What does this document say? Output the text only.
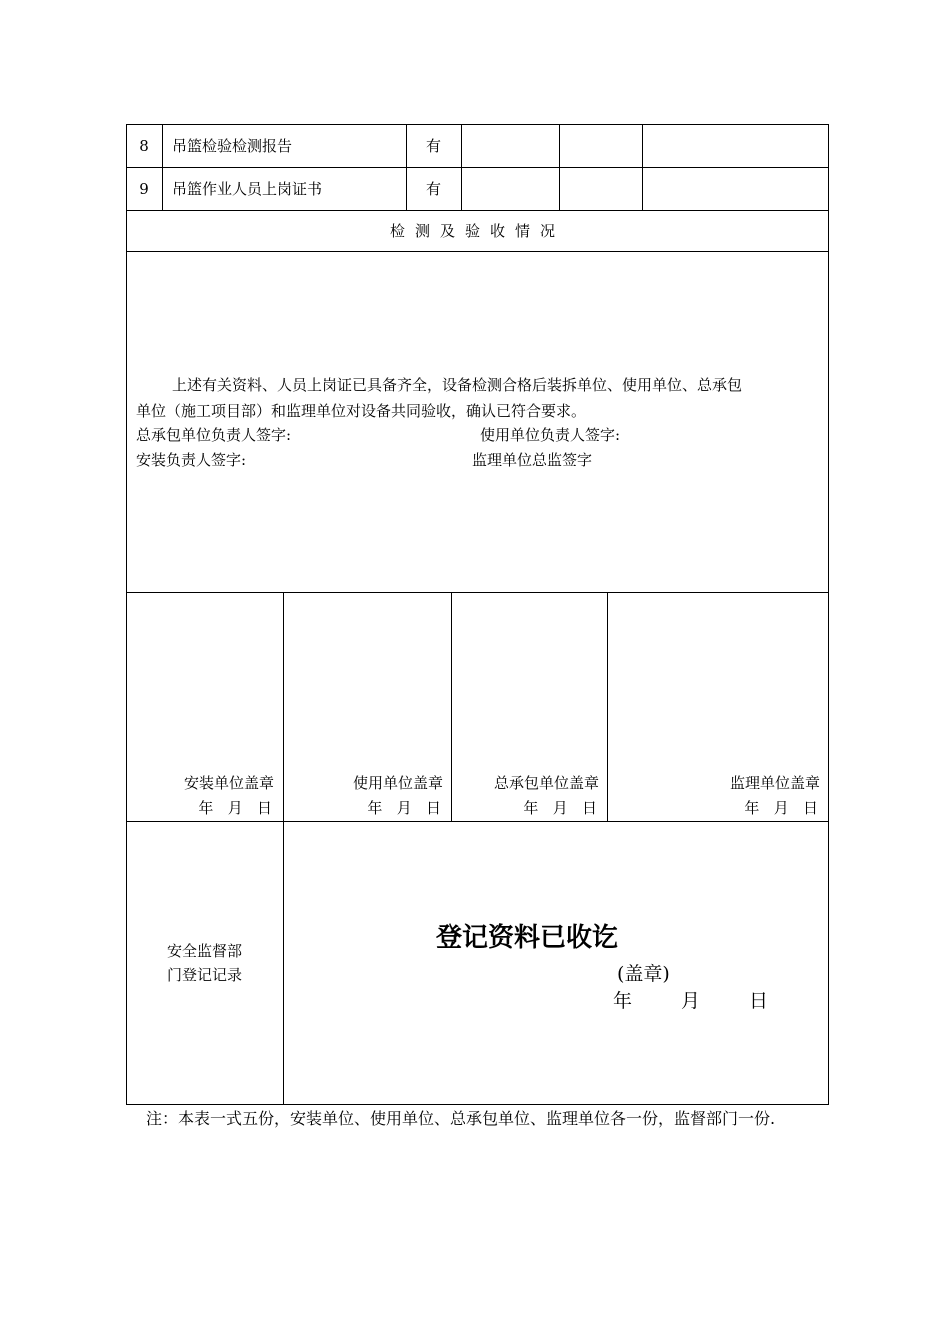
8	吊篮检验检测报告	有
9	吊篮作业人员上岗证书	有
检测及验收情况
上述有关资料、人员上岗证已具备齐全，设备检测合格后装拆单位、使用单位、总承包
单位（施工项目部）和监理单位对设备共同验收，确认已符合要求。
总承包单位负责人签字:	使用单位负责人签字:
安装负责人签字:	监理单位总监签字
安装单位盖章
年   月   日
使用单位盖章
年   月   日
总承包单位盖章
年   月   日
监理单位盖章
年   月   日
安全监督部
门登记记录
登记资料已收讫
(盖章)
年	月	日
注：本表一式五份，安装单位、使用单位、总承包单位、监理单位各一份，监督部门一份.
